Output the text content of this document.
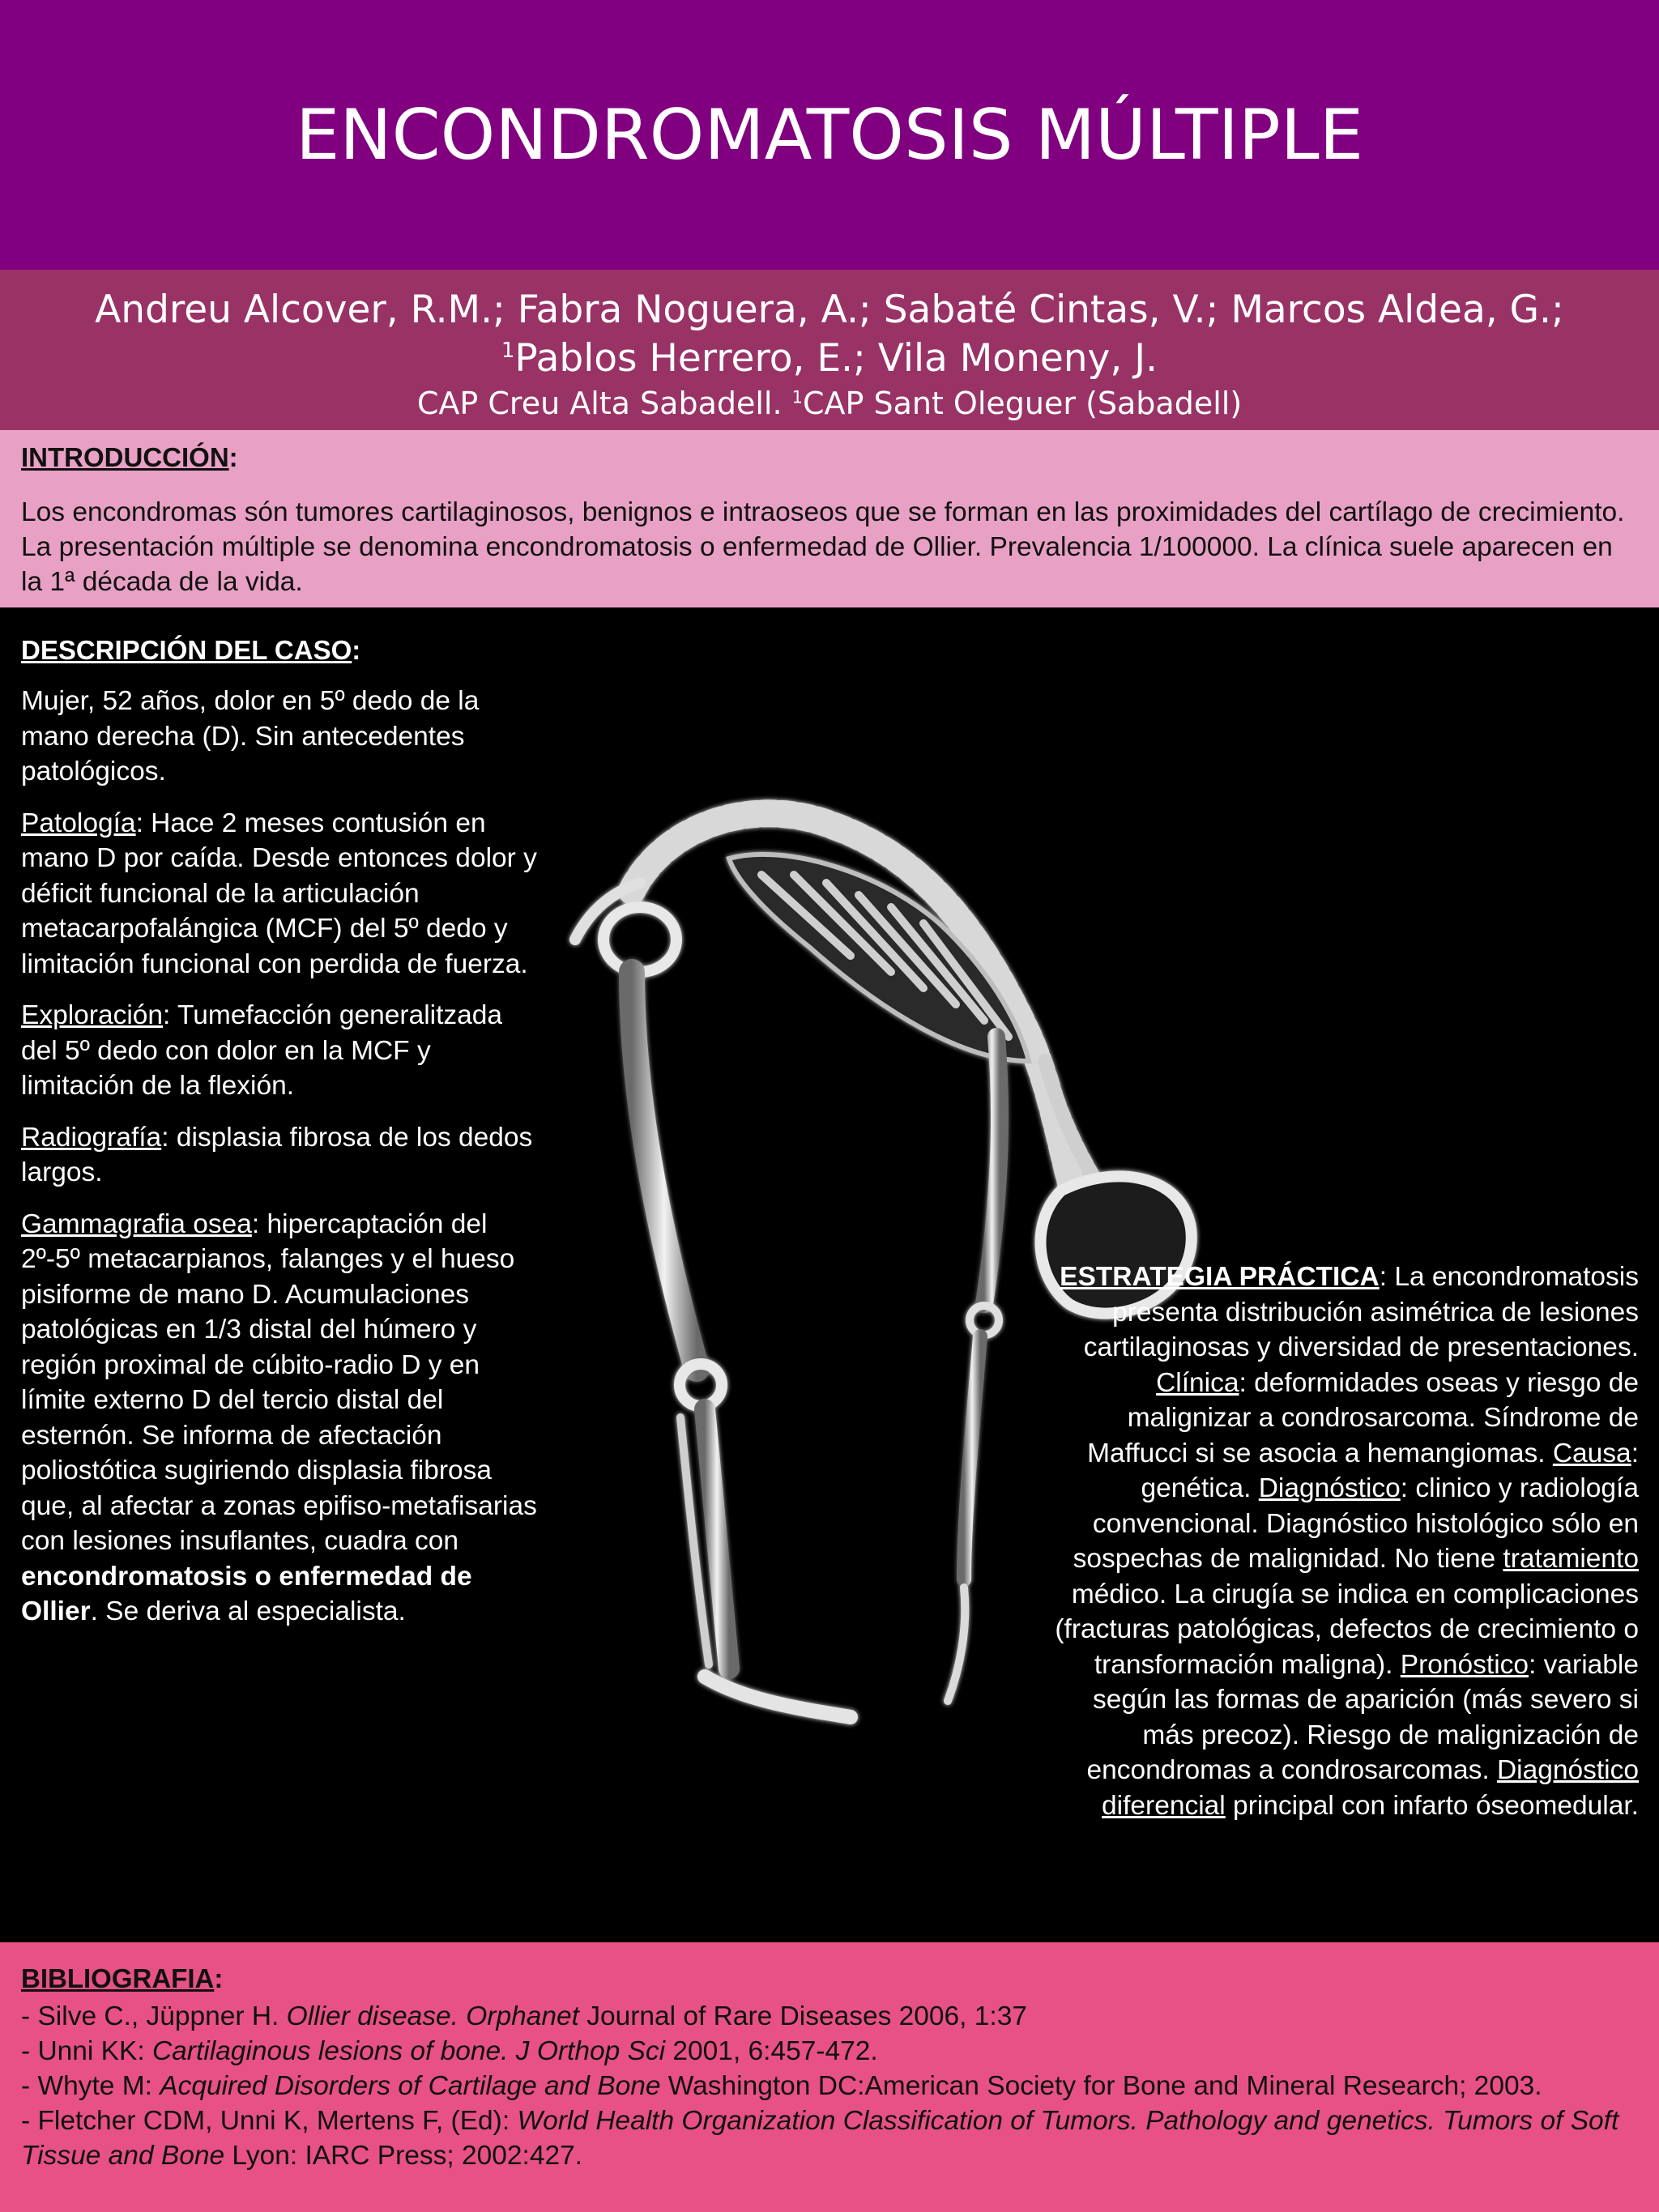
ENCONDROMATOSIS MÚLTIPLE
Andreu Alcover, R.M.; Fabra Noguera, A.; Sabaté Cintas, V.; Marcos Aldea, G.; $^1$Pablos Herrero, E.; Vila Moneny, J.
CAP Creu Alta Sabadell. $^1$CAP Sant Oleguer (Sabadell)
INTRODUCCIÓN:
Los encondromas són tumores cartilaginosos, benignos e intraoseos que se forman en las proximidades del cartílago de crecimiento. La presentación múltiple se denomina encondromatosis o enfermedad de Ollier. Prevalencia 1/100000. La clínica suele aparecen en la 1ª década de la vida.
DESCRIPCIÓN DEL CASO:

Mujer, 52 años, dolor en 5º dedo de la mano derecha (D). Sin antecedentes patológicos.

Patología: Hace 2 meses contusión en mano D por caída. Desde entonces dolor y déficit funcional de la articulación metacarpofalángica (MCF) del 5º dedo y limitación funcional con perdida de fuerza.

Exploración: Tumefacción generalitzada del 5º dedo con dolor en la MCF y limitación de la flexión.

Radiografía: displasia fibrosa de los dedos largos.

Gammagrafia osea: hipercaptación del 2º-5º metacarpianos, falanges y el hueso pisiforme de mano D. Acumulaciones patológicas en 1/3 distal del húmero y región proximal de cúbito-radio D y en límite externo D del tercio distal del esternón. Se informa de afectación poliostótica sugiriendo displasia fibrosa que, al afectar a zonas epifiso-metafisarias con lesiones insuflantes, cuadra con encondromatosis o enfermedad de Ollier. Se deriva al especialista.

ESTRATEGIA PRÁCTICA: La encondromatosis presenta distribución asimétrica de lesiones cartilaginosas y diversidad de presentaciones. Clínica: deformidades oseas y riesgo de malignizar a condrosarcoma. Síndrome de Maffucci si se asocia a hemangiomas. Causa: genética. Diagnóstico: clinico y radiología convencional. Diagnóstico histológico sólo en sospechas de malignidad. No tiene tratamiento médico. La cirugía se indica en complicaciones (fracturas patológicas, defectos de crecimiento o transformación maligna). Pronóstico: variable según las formas de aparición (más severo si más precoz). Riesgo de malignización de encondromas a condrosarcomas. Diagnóstico diferencial principal con infarto óseomedular.
BIBLIOGRAFIA:
- Silve C., Jüppner H. Ollier disease. Orphanet Journal of Rare Diseases 2006, 1:37
- Unni KK: Cartilaginous lesions of bone. J Orthop Sci 2001, 6:457-472.
- Whyte M: Acquired Disorders of Cartilage and Bone Washington DC:American Society for Bone and Mineral Research; 2003.
- Fletcher CDM, Unni K, Mertens F, (Ed): World Health Organization Classification of Tumors. Pathology and genetics. Tumors of Soft Tissue and Bone Lyon: IARC Press; 2002:427.
